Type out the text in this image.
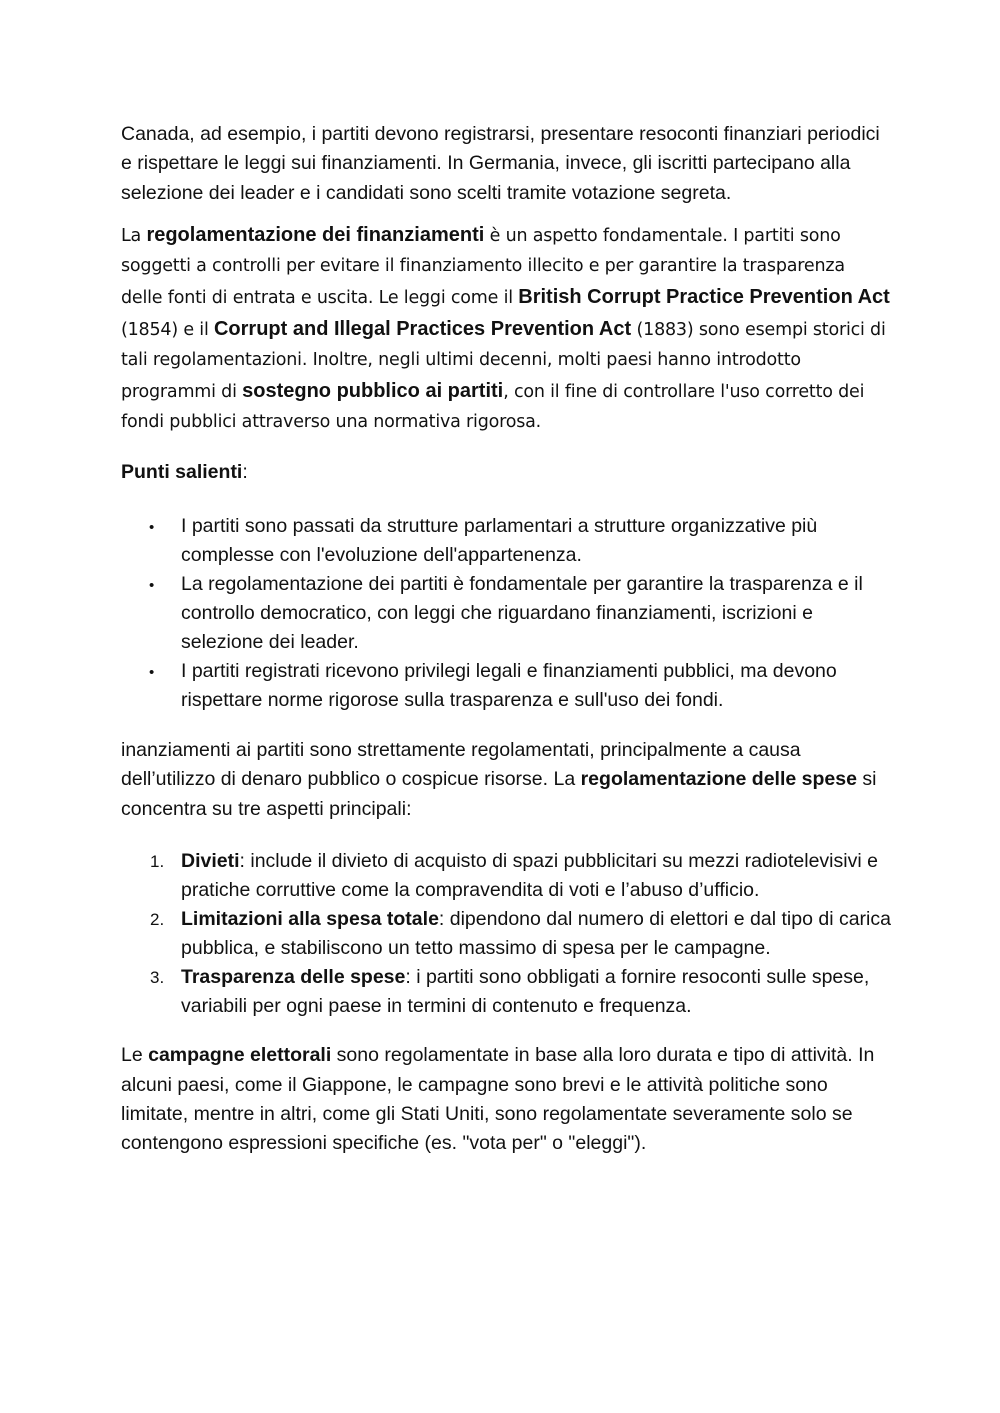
Canada, ad esempio, i partiti devono registrarsi, presentare resoconti finanziari periodici e rispettare le leggi sui finanziamenti. In Germania, invece, gli iscritti partecipano alla selezione dei leader e i candidati sono scelti tramite votazione segreta.

La regolamentazione dei finanziamenti è un aspetto fondamentale. I partiti sono soggetti a controlli per evitare il finanziamento illecito e per garantire la trasparenza delle fonti di entrata e uscita. Le leggi come il British Corrupt Practice Prevention Act (1854) e il Corrupt and Illegal Practices Prevention Act (1883) sono esempi storici di tali regolamentazioni. Inoltre, negli ultimi decenni, molti paesi hanno introdotto programmi di sostegno pubblico ai partiti, con il fine di controllare l'uso corretto dei fondi pubblici attraverso una normativa rigorosa.

Punti salienti:

• I partiti sono passati da strutture parlamentari a strutture organizzative più complesse con l'evoluzione dell'appartenenza.
• La regolamentazione dei partiti è fondamentale per garantire la trasparenza e il controllo democratico, con leggi che riguardano finanziamenti, iscrizioni e selezione dei leader.
• I partiti registrati ricevono privilegi legali e finanziamenti pubblici, ma devono rispettare norme rigorose sulla trasparenza e sull'uso dei fondi.

inanziamenti ai partiti sono strettamente regolamentati, principalmente a causa dell’utilizzo di denaro pubblico o cospicue risorse. La regolamentazione delle spese si concentra su tre aspetti principali:

1. Divieti: include il divieto di acquisto di spazi pubblicitari su mezzi radiotelevisivi e pratiche corruttive come la compravendita di voti e l’abuso d’ufficio.
2. Limitazioni alla spesa totale: dipendono dal numero di elettori e dal tipo di carica pubblica, e stabiliscono un tetto massimo di spesa per le campagne.
3. Trasparenza delle spese: i partiti sono obbligati a fornire resoconti sulle spese, variabili per ogni paese in termini di contenuto e frequenza.

Le campagne elettorali sono regolamentate in base alla loro durata e tipo di attività. In alcuni paesi, come il Giappone, le campagne sono brevi e le attività politiche sono limitate, mentre in altri, come gli Stati Uniti, sono regolamentate severamente solo se contengono espressioni specifiche (es. "vota per" o "eleggi").
